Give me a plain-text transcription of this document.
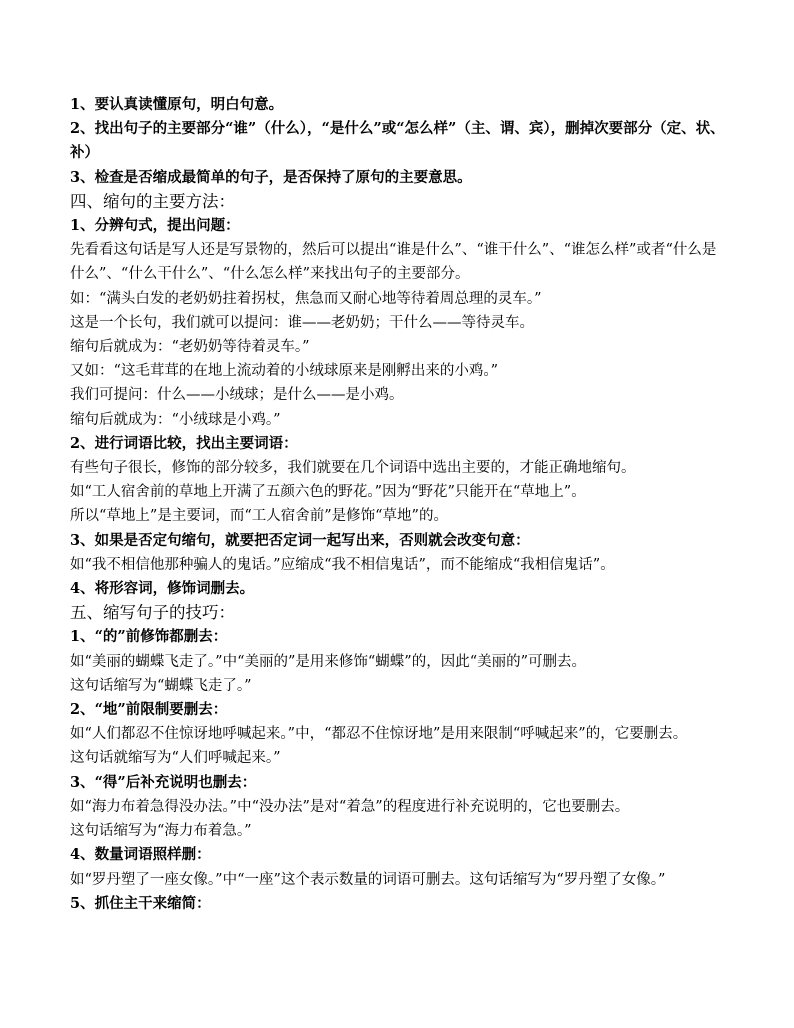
1、要认真读懂原句，明白句意。

2、找出句子的主要部分“谁”（什么），“是什么”或“怎么样”（主、谓、宾），删掉次要部分（定、状、补）

3、检查是否缩成最简单的句子，是否保持了原句的主要意思。

四、缩句的主要方法：

1、分辨句式，提出问题：

先看看这句话是写人还是写景物的，然后可以提出“谁是什么”、“谁干什么”、“谁怎么样”或者“什么是什么”、“什么干什么”、“什么怎么样”来找出句子的主要部分。

如：“满头白发的老奶奶拄着拐杖，焦急而又耐心地等待着周总理的灵车。”

这是一个长句，我们就可以提问：谁——老奶奶；干什么——等待灵车。

缩句后就成为：“老奶奶等待着灵车。”

又如：“这毛茸茸的在地上流动着的小绒球原来是刚孵出来的小鸡。”

我们可提问：什么——小绒球；是什么——是小鸡。

缩句后就成为：“小绒球是小鸡。”

2、进行词语比较，找出主要词语：

有些句子很长，修饰的部分较多，我们就要在几个词语中选出主要的，才能正确地缩句。

如“工人宿舍前的草地上开满了五颜六色的野花。”因为“野花”只能开在“草地上”。

所以“草地上”是主要词，而“工人宿舍前”是修饰“草地”的。

3、如果是否定句缩句，就要把否定词一起写出来，否则就会改变句意：

如“我不相信他那种骗人的鬼话。”应缩成“我不相信鬼话”，而不能缩成“我相信鬼话”。

4、将形容词，修饰词删去。

五、缩写句子的技巧：

1、“的”前修饰都删去：

如“美丽的蝴蝶飞走了。”中“美丽的”是用来修饰“蝴蝶”的，因此“美丽的”可删去。

这句话缩写为“蝴蝶飞走了。”

2、“地”前限制要删去：

如“人们都忍不住惊讶地呼喊起来。”中，“都忍不住惊讶地”是用来限制“呼喊起来”的，它要删去。

这句话就缩写为“人们呼喊起来。”

3、“得”后补充说明也删去：

如“海力布着急得没办法。”中“没办法”是对“着急”的程度进行补充说明的，它也要删去。

这句话缩写为“海力布着急。”

4、数量词语照样删：

如“罗丹塑了一座女像。”中“一座”这个表示数量的词语可删去。这句话缩写为“罗丹塑了女像。”

5、抓住主干来缩简：
